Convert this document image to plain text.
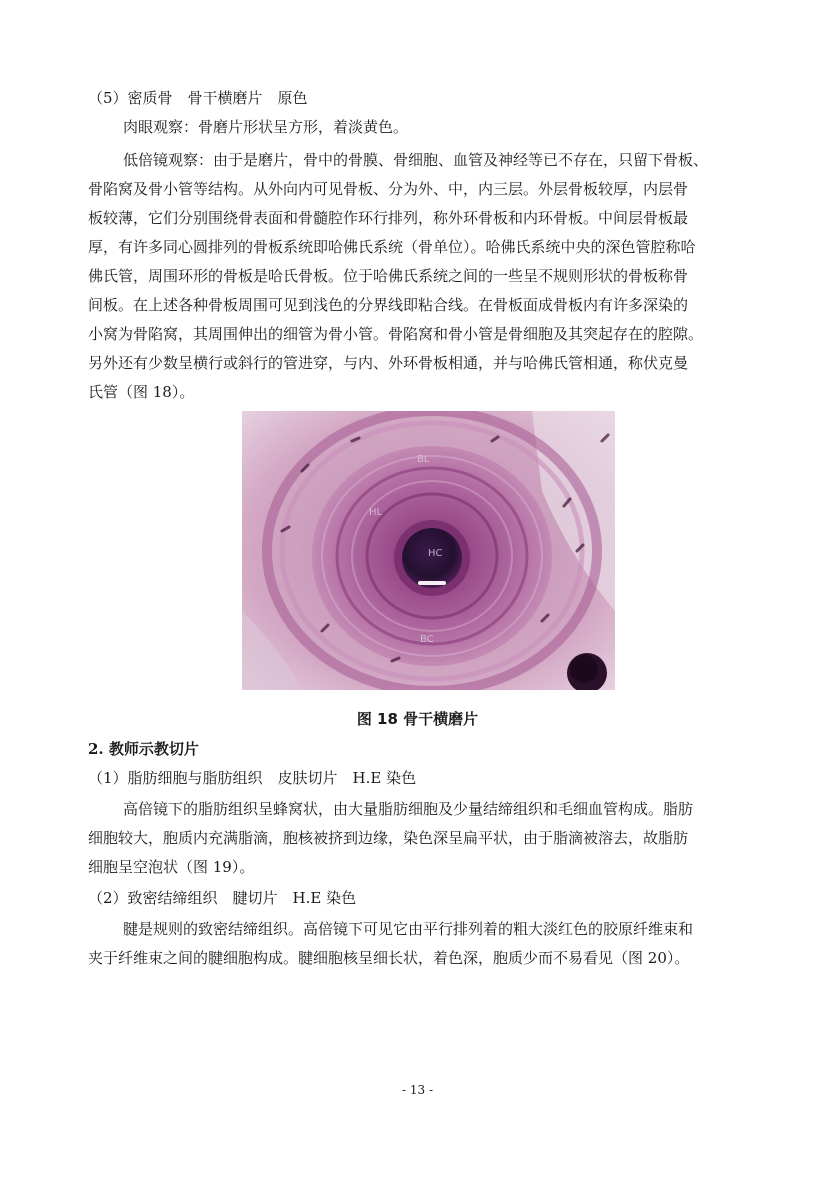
（5）密质骨　骨干横磨片　原色
肉眼观察：骨磨片形状呈方形，着淡黄色。
低倍镜观察：由于是磨片，骨中的骨膜、骨细胞、血管及神经等已不存在，只留下骨板、
骨陷窝及骨小管等结构。从外向内可见骨板、分为外、中，内三层。外层骨板较厚，内层骨
板较薄，它们分别围绕骨表面和骨髓腔作环行排列，称外环骨板和内环骨板。中间层骨板最
厚，有许多同心圆排列的骨板系统即哈佛氏系统（骨单位）。哈佛氏系统中央的深色管腔称哈
佛氏管，周围环形的骨板是哈氏骨板。位于哈佛氏系统之间的一些呈不规则形状的骨板称骨
间板。在上述各种骨板周围可见到浅色的分界线即粘合线。在骨板面成骨板内有许多深染的
小窝为骨陷窝，其周围伸出的细管为骨小管。骨陷窝和骨小管是骨细胞及其突起存在的腔隙。
另外还有少数呈横行或斜行的管进穿，与内、外环骨板相通，并与哈佛氏管相通，称伏克曼
氏管（图 18）。
BL
HL
HC
BC
图 18 骨干横磨片
2. 教师示教切片
（1）脂肪细胞与脂肪组织　皮肤切片　H.E 染色
高倍镜下的脂肪组织呈蜂窝状，由大量脂肪细胞及少量结缔组织和毛细血管构成。脂肪
细胞较大，胞质内充满脂滴，胞核被挤到边缘，染色深呈扁平状，由于脂滴被溶去，故脂肪
细胞呈空泡状（图 19）。
（2）致密结缔组织　腱切片　H.E 染色
腱是规则的致密结缔组织。高倍镜下可见它由平行排列着的粗大淡红色的胶原纤维束和
夹于纤维束之间的腱细胞构成。腱细胞核呈细长状，着色深，胞质少而不易看见（图 20）。
- 13 -
